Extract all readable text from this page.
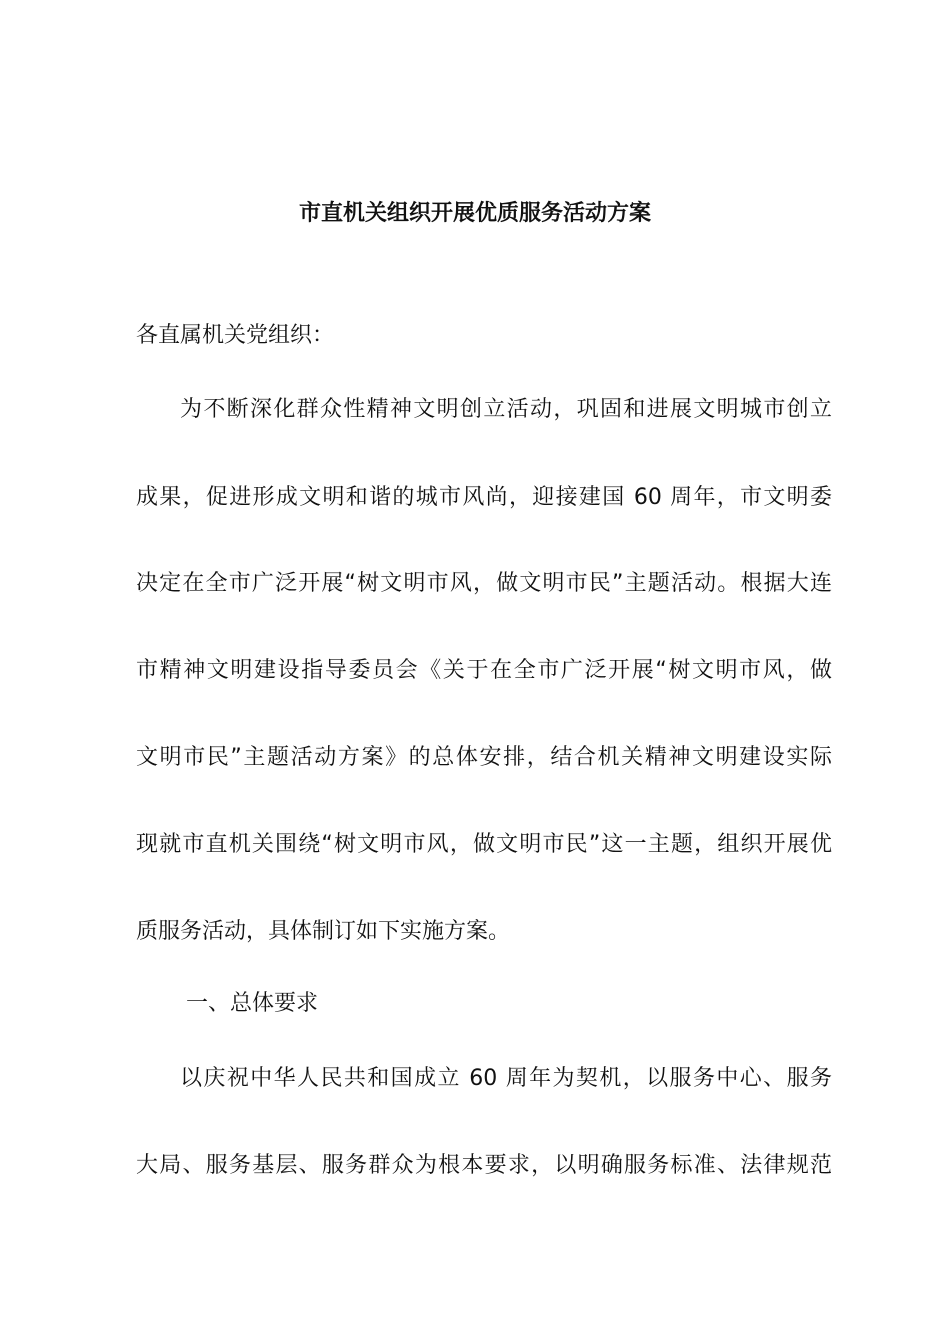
市直机关组织开展优质服务活动方案
各直属机关党组织：
为不断深化群众性精神文明创立活动，巩固和进展文明城市创立
成果，促进形成文明和谐的城市风尚，迎接建国 60 周年，市文明委
决定在全市广泛开展“树文明市风，做文明市民”主题活动。根据大连
市精神文明建设指导委员会《关于在全市广泛开展“树文明市风，做
文明市民”主题活动方案》的总体安排，结合机关精神文明建设实际
现就市直机关围绕“树文明市风，做文明市民”这一主题，组织开展优
质服务活动，具体制订如下实施方案。
一、总体要求
以庆祝中华人民共和国成立 60 周年为契机，以服务中心、服务
大局、服务基层、服务群众为根本要求，以明确服务标准、法律规范
